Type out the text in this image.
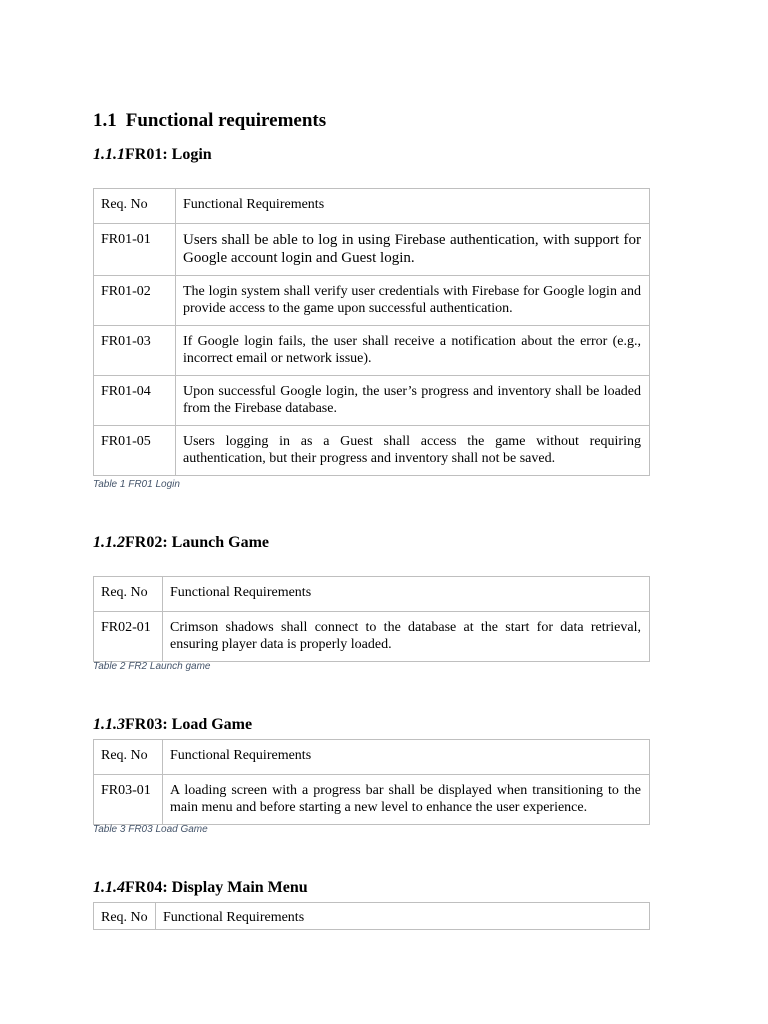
1.1 Functional requirements
1.1.1FR01: Login
Req. No	Functional Requirements
FR01-01	Users shall be able to log in using Firebase authentication, with support for Google account login and Guest login.
FR01-02	The login system shall verify user credentials with Firebase for Google login and provide access to the game upon successful authentication.
FR01-03	If Google login fails, the user shall receive a notification about the error (e.g., incorrect email or network issue).
FR01-04	Upon successful Google login, the user’s progress and inventory shall be loaded from the Firebase database.
FR01-05	Users logging in as a Guest shall access the game without requiring authentication, but their progress and inventory shall not be saved.
Table 1 FR01 Login
1.1.2FR02: Launch Game
Req. No	Functional Requirements
FR02-01	Crimson shadows shall connect to the database at the start for data retrieval, ensuring player data is properly loaded.
Table 2 FR2 Launch game
1.1.3FR03: Load Game
Req. No	Functional Requirements
FR03-01	A loading screen with a progress bar shall be displayed when transitioning to the main menu and before starting a new level to enhance the user experience.
Table 3 FR03 Load Game
1.1.4FR04: Display Main Menu
Req. No	Functional Requirements
